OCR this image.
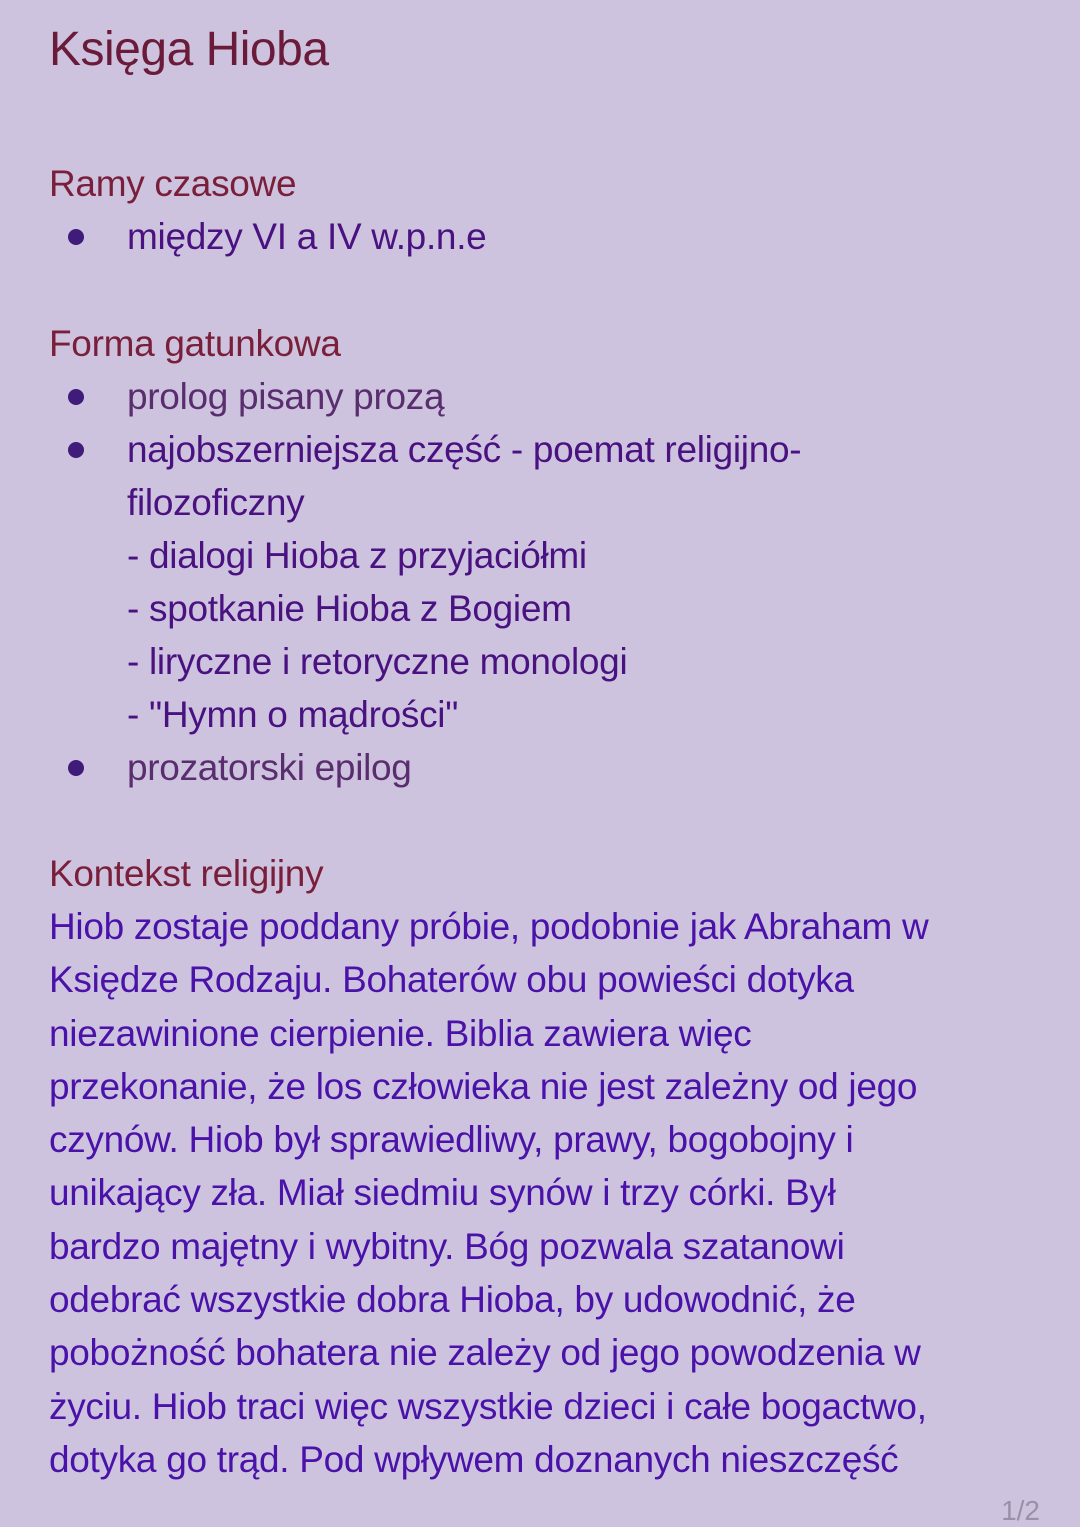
Księga Hioba
Ramy czasowe
między VI a IV w.p.n.e
Forma gatunkowa
prolog pisany prozą
najobszerniejsza część - poemat religijno-
filozoficzny
- dialogi Hioba z przyjaciółmi
- spotkanie Hioba z Bogiem
- liryczne i retoryczne monologi
- "Hymn o mądrości"
prozatorski epilog
Kontekst religijny
Hiob zostaje poddany próbie, podobnie jak Abraham w
Księdze Rodzaju. Bohaterów obu powieści dotyka
niezawinione cierpienie. Biblia zawiera więc
przekonanie, że los człowieka nie jest zależny od jego
czynów. Hiob był sprawiedliwy, prawy, bogobojny i
unikający zła. Miał siedmiu synów i trzy córki. Był
bardzo majętny i wybitny. Bóg pozwala szatanowi
odebrać wszystkie dobra Hioba, by udowodnić, że
pobożność bohatera nie zależy od jego powodzenia w
życiu. Hiob traci więc wszystkie dzieci i całe bogactwo,
dotyka go trąd. Pod wpływem doznanych nieszczęść
1/2
